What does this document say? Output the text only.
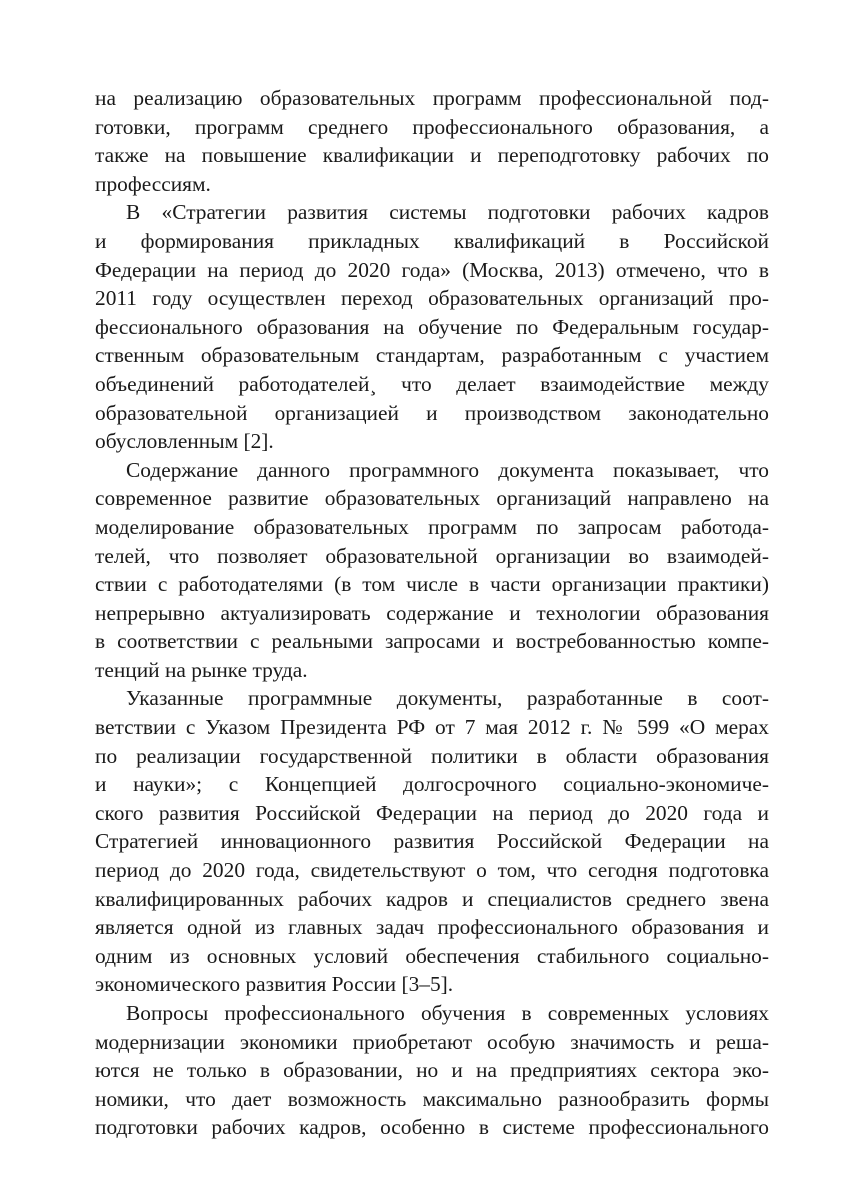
на реализацию образовательных программ профессиональной под-
готовки, программ среднего профессионального образования, а
также на повышение квалификации и переподготовку рабочих по
профессиям.
В «Стратегии развития системы подготовки рабочих кадров
и формирования прикладных квалификаций в Российской
Федерации на период до 2020 года» (Москва, 2013) отмечено, что в
2011 году осуществлен переход образовательных организаций про-
фессионального образования на обучение по Федеральным государ-
ственным образовательным стандартам, разработанным с участием
объединений работодателей¸ что делает взаимодействие между
образовательной организацией и производством законодательно
обусловленным [2].
Содержание данного программного документа показывает, что
современное развитие образовательных организаций направлено на
моделирование образовательных программ по запросам работода-
телей, что позволяет образовательной организации во взаимодей-
ствии с работодателями (в том числе в части организации практики)
непрерывно актуализировать содержание и технологии образования
в соответствии с реальными запросами и востребованностью компе-
тенций на рынке труда.
Указанные программные документы, разработанные в соот-
ветствии с Указом Президента РФ от 7 мая 2012 г. № 599 «О мерах
по реализации государственной политики в области образования
и науки»; с Концепцией долгосрочного социально-экономиче-
ского развития Российской Федерации на период до 2020 года и
Стратегией инновационного развития Российской Федерации на
период до 2020 года, свидетельствуют о том, что сегодня подготовка
квалифицированных рабочих кадров и специалистов среднего звена
является одной из главных задач профессионального образования и
одним из основных условий обеспечения стабильного социально-
экономического развития России [3–5].
Вопросы профессионального обучения в современных условиях
модернизации экономики приобретают особую значимость и реша-
ются не только в образовании, но и на предприятиях сектора эко-
номики, что дает возможность максимально разнообразить формы
подготовки рабочих кадров, особенно в системе профессионального
